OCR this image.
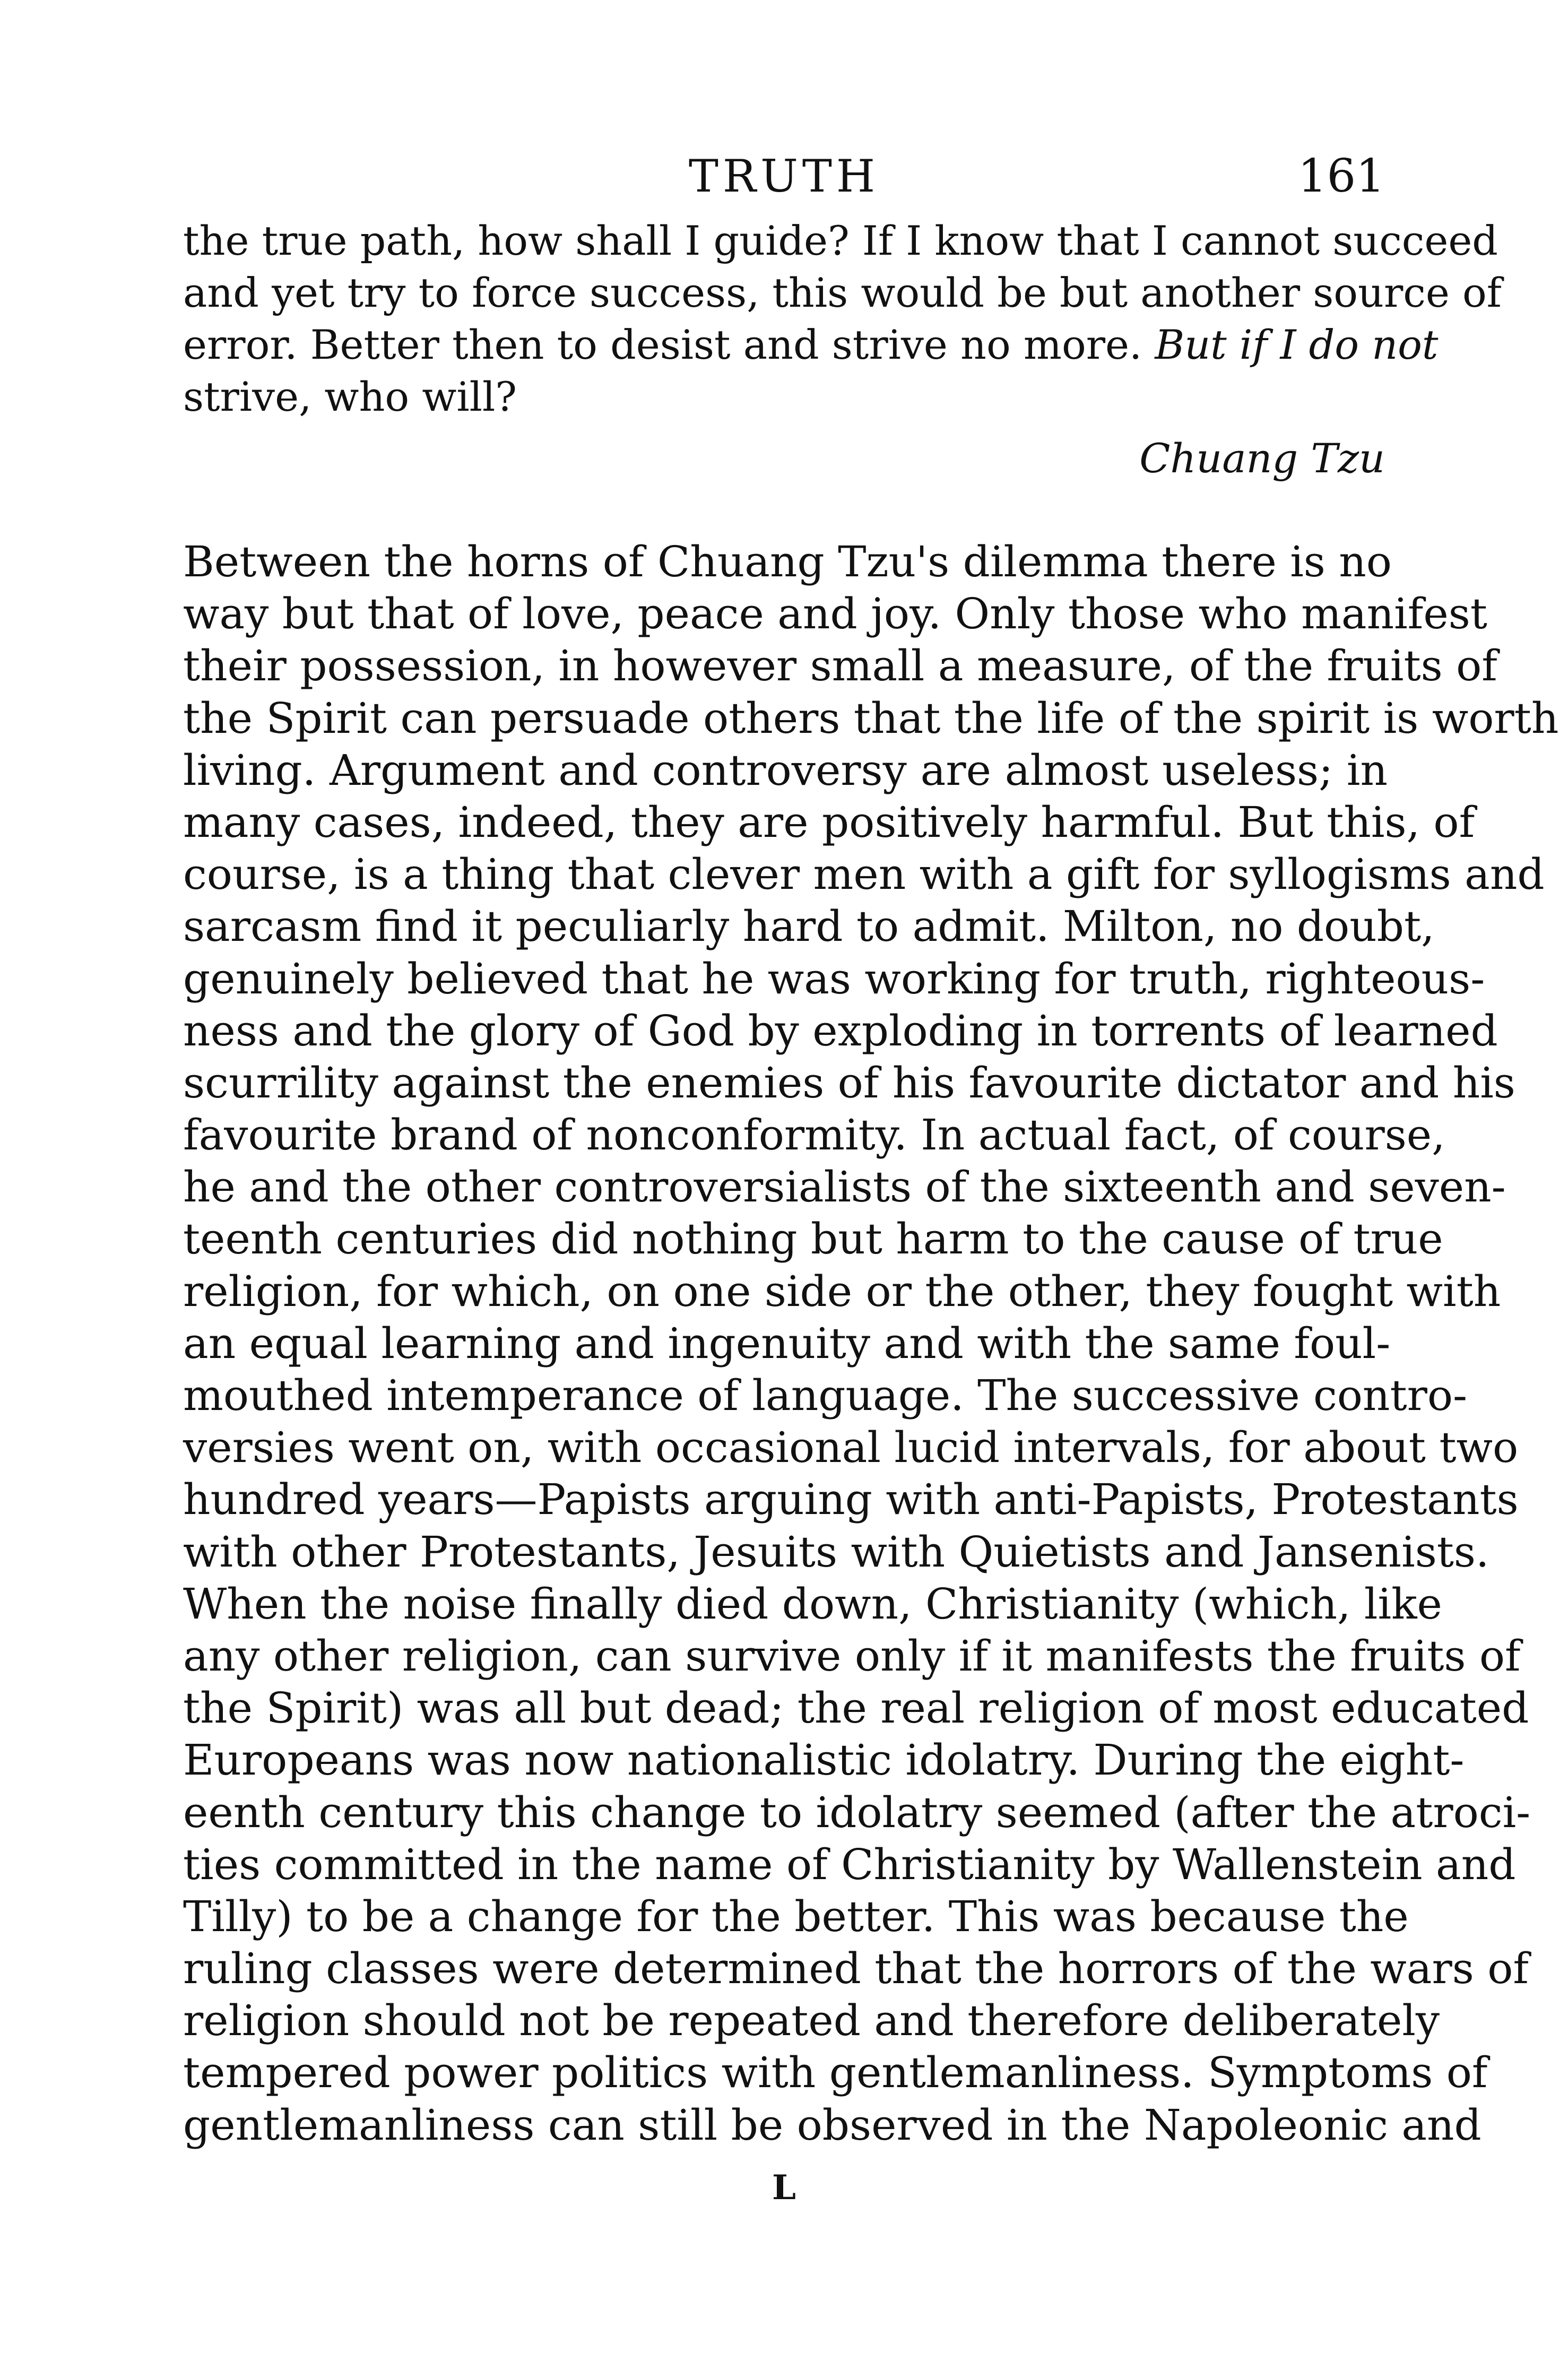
TRUTH	161
the true path, how shall I guide? If I know that I cannot succeed
and yet try to force success, this would be but another source of
error. Better then to desist and strive no more. But if I do not
strive, who will?
Chuang Tzu
Between the horns of Chuang Tzu's dilemma there is no
way but that of love, peace and joy. Only those who manifest
their possession, in however small a measure, of the fruits of
the Spirit can persuade others that the life of the spirit is worth
living. Argument and controversy are almost useless; in
many cases, indeed, they are positively harmful. But this, of
course, is a thing that clever men with a gift for syllogisms and
sarcasm find it peculiarly hard to admit. Milton, no doubt,
genuinely believed that he was working for truth, righteous-
ness and the glory of God by exploding in torrents of learned
scurrility against the enemies of his favourite dictator and his
favourite brand of nonconformity. In actual fact, of course,
he and the other controversialists of the sixteenth and seven-
teenth centuries did nothing but harm to the cause of true
religion, for which, on one side or the other, they fought with
an equal learning and ingenuity and with the same foul-
mouthed intemperance of language. The successive contro-
versies went on, with occasional lucid intervals, for about two
hundred years—Papists arguing with anti-Papists, Protestants
with other Protestants, Jesuits with Quietists and Jansenists.
When the noise finally died down, Christianity (which, like
any other religion, can survive only if it manifests the fruits of
the Spirit) was all but dead; the real religion of most educated
Europeans was now nationalistic idolatry. During the eight-
eenth century this change to idolatry seemed (after the atroci-
ties committed in the name of Christianity by Wallenstein and
Tilly) to be a change for the better. This was because the
ruling classes were determined that the horrors of the wars of
religion should not be repeated and therefore deliberately
tempered power politics with gentlemanliness. Symptoms of
gentlemanliness can still be observed in the Napoleonic and
L
